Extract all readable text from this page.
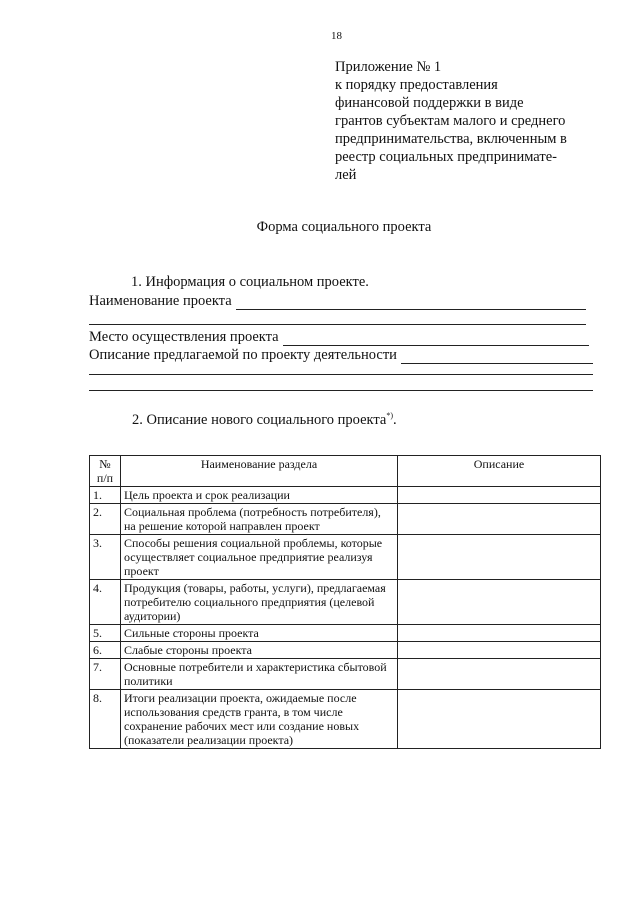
18
Приложение № 1
к порядку предоставления
финансовой поддержки в виде
грантов субъектам малого и среднего
предпринимательства, включенным в
реестр социальных предпринимате-
лей
Форма социального проекта
1. Информация о социальном проекте.
Наименование проекта
Место осуществления проекта
Описание предлагаемой по проекту деятельности
2. Описание нового социального проекта*).
№
п/п	Наименование раздела	Описание
1.	Цель проекта и срок реализации	
2.	Социальная проблема (потребность потребителя), на решение которой направлен проект	
3.	Способы решения социальной проблемы, которые осуществляет социальное предприятие реализуя проект	
4.	Продукция (товары, работы, услуги), предлагаемая потребителю социального предприятия (целевой аудитории)	
5.	Сильные стороны проекта	
6.	Слабые стороны проекта	
7.	Основные потребители и характеристика сбытовой политики	
8.	Итоги реализации проекта, ожидаемые после использования средств гранта, в том числе сохранение рабочих мест или создание новых (показатели реализации проекта)	
